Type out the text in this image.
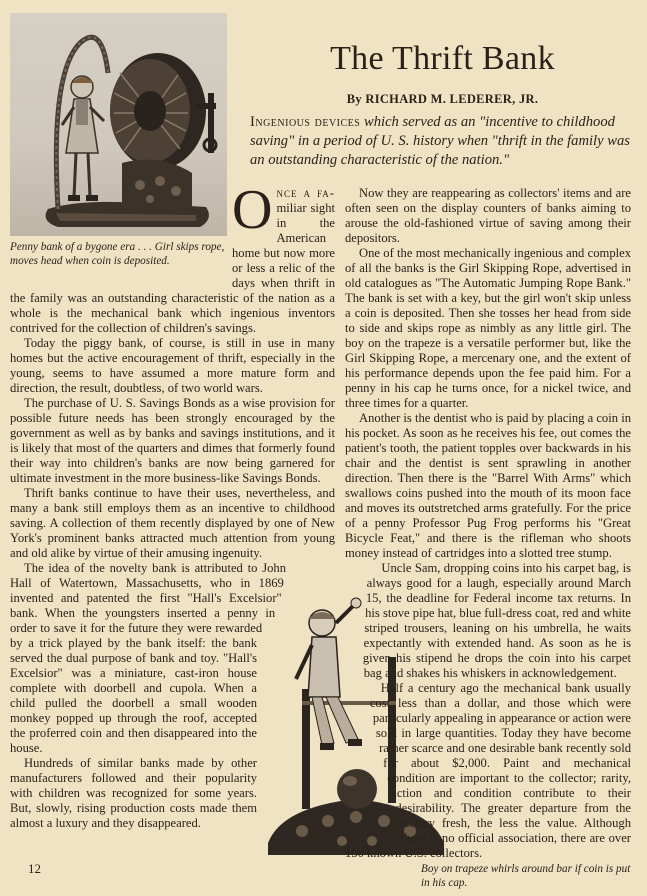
Penny bank of a bygone era . . . Girl skips rope, moves head when coin is deposited.

The Thrift Bank

By RICHARD M. LEDERER, JR.

Ingenious devices which served as an "incentive to childhood saving" in a period of U. S. history when "thrift in the family was an outstanding characteristic of the nation."

Boy on trapeze whirls around bar if coin is put in his cap.

Once a fa- miliar sight in	the American home but now more or less a relic of the days when thrift in the family was an outstanding characteristic of the nation as a whole is the mechanical bank which ingenious inventors contrived for the collection of children's savings.

Today the piggy bank, of course, is still in use in many homes but the active encouragement of thrift, especially in the young, seems to have assumed a more mature form and direction, the result, doubtless, of two world wars.

The purchase of U. S. Savings Bonds as a wise provision for possible future needs has been strongly encouraged by the government as well as by banks and savings institutions, and it is likely that most of the quarters and dimes that formerly found their way into children's banks are now being garnered for ultimate investment in the more business-like Savings Bonds.

Thrift banks continue to have their uses, nevertheless, and many a bank still employs them as an incentive to childhood saving. A collection of them recently displayed by one of New York's prominent banks attracted much attention from young and old alike by virtue of their amusing ingenuity.

The idea of the novelty bank is attributed to John Hall of Watertown, Massachusetts, who in 1869 invented and patented the first "Hall's Excelsior" bank. When the youngsters inserted a penny in order to save it for the future they were rewarded by a trick played by the bank itself: the bank served the dual purpose of bank and toy. "Hall's Excelsior" was a miniature, cast-iron house complete with doorbell and cupola. When a child pulled the doorbell a small wooden monkey popped up through the roof, accepted the proferred coin and then disappeared into the house.

Hundreds of similar banks made by other manufacturers followed and their popularity with children was recognized for some years. But, slowly, rising production costs made them almost a luxury and they disappeared.

Now they are reappearing as collectors' items and are often seen on the display counters of banks aiming to arouse the old-fashioned virtue of saving among their depositors.

One of the most mechanically ingenious and complex of all the banks is the Girl Skipping Rope, advertised in old catalogues as "The Automatic Jumping Rope Bank." The bank is set with a key, but the girl won't skip unless a coin is deposited. Then she tosses her head from side to side and skips rope as nimbly as any little girl. The boy on the trapeze is a versatile performer but, like the Girl Skipping Rope, a mercenary one, and the extent of his performance depends upon the fee paid him. For a penny in his cap he turns once, for a nickel twice, and three times for a quarter.

Another is the dentist who is paid by placing a coin in his pocket. As soon as he receives his fee, out comes the patient's tooth, the patient topples over backwards in his chair and the dentist is sent sprawling in another direction. Then there is the "Barrel With Arms" which swallows coins pushed into the mouth of its moon face and moves its outstretched arms gratefully. For the price of a penny Professor Pug Frog performs his "Great Bicycle Feat," and there is the rifleman who shoots money instead of cartridges into a slotted tree stump.

Uncle Sam, dropping coins into his carpet bag, is always good for a laugh, especially around March 15, the deadline for Federal income tax returns. In his stove pipe hat, blue full-dress coat, red and white striped trousers, leaning on his umbrella, he waits expectantly with extended hand. As soon as he is given his stipend he drops the coin into his carpet bag and shakes his whiskers in acknowledgement.

Half a century ago the mechanical bank usually cost less than a dollar, and those which were particularly appealing in appearance or action were sold in large quantities. Today they have become rather scarce and one desirable bank recently sold for about $2,000. Paint and mechanical condition are important to the collector; rarity, action and condition contribute to their desirability. The greater departure from the factory fresh, the less the value. Although there is no official association, there are over 150 known U.S. collectors.

12
